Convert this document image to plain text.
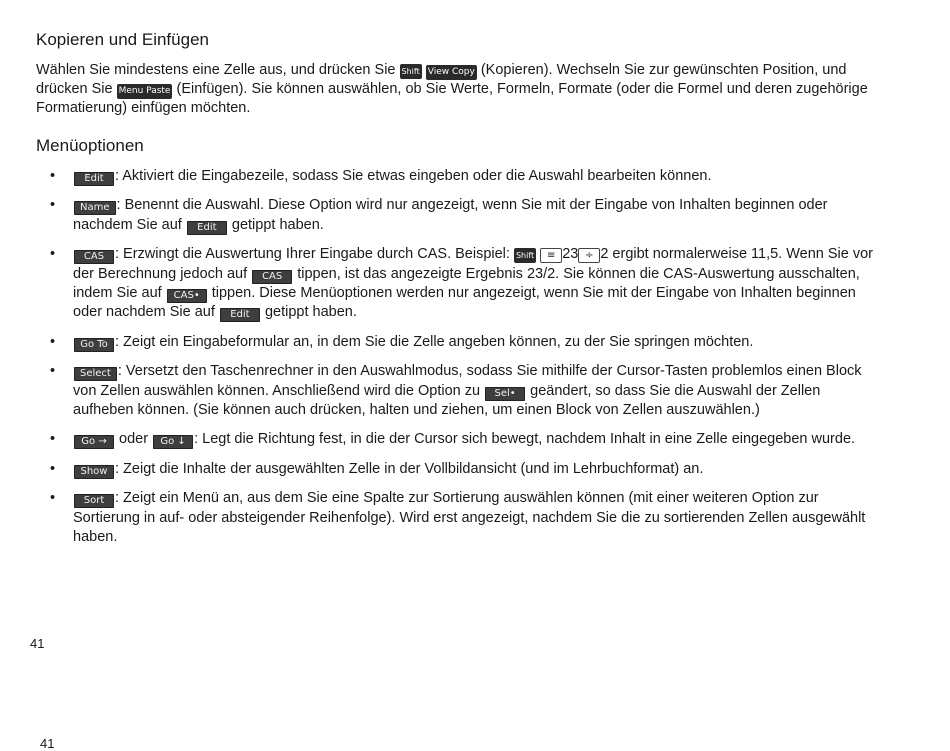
Kopieren und Einfügen

Wählen Sie mindestens eine Zelle aus, und drücken Sie Shift View Copy (Kopieren). Wechseln Sie zur gewünschten Position, und drücken Sie Menu Paste (Einfügen). Sie können auswählen, ob Sie Werte, Formeln, Formate (oder die Formel und deren zugehörige Formatierung) einfügen möchten.

Menüoptionen
•	Edit : Aktiviert die Eingabezeile, sodass Sie etwas eingeben oder die Auswahl bearbeiten können.
• Name : Benennt die Auswahl. Diese Option wird nur angezeigt, wenn Sie mit der Eingabe von Inhalten beginnen oder nachdem Sie auf Edit getippt haben.
•	CAS : Erzwingt die Auswertung Ihrer Eingabe durch CAS. Beispiel: Shift ≡ 23 ÷ 2 ergibt normalerweise 11,5. Wenn Sie vor der Berechnung jedoch auf CAS tippen, ist das angezeigte Ergebnis 23/2. Sie können die CAS-Auswertung ausschalten, indem Sie auf CAS• tippen. Diese Menüoptionen werden nur angezeigt, wenn Sie mit der Eingabe von Inhalten beginnen oder nachdem Sie auf Edit getippt haben.
•	Go To : Zeigt ein Eingabeformular an, in dem Sie die Zelle angeben können, zu der Sie springen möchten.
• Select : Versetzt den Taschenrechner in den Auswahlmodus, sodass Sie mithilfe der Cursor-Tasten problemlos einen Block von Zellen auswählen können. Anschließend wird die Option zu Sel• geändert, so dass Sie die Auswahl der Zellen aufheben können. (Sie können auch drücken, halten und ziehen, um einen Block von Zellen auszuwählen.)
•	Go → oder Go ↓ : Legt die Richtung fest, in die der Cursor sich bewegt, nachdem Inhalt in eine Zelle eingegeben wurde.
•	Show : Zeigt die Inhalte der ausgewählten Zelle in der Vollbildansicht (und im Lehrbuchformat) an.
•	Sort : Zeigt ein Menü an, aus dem Sie eine Spalte zur Sortierung auswählen können (mit einer weiteren Option zur Sortierung in auf- oder absteigender Reihenfolge). Wird erst angezeigt, nachdem Sie die zu sortierenden Zellen ausgewählt haben.
41
41
